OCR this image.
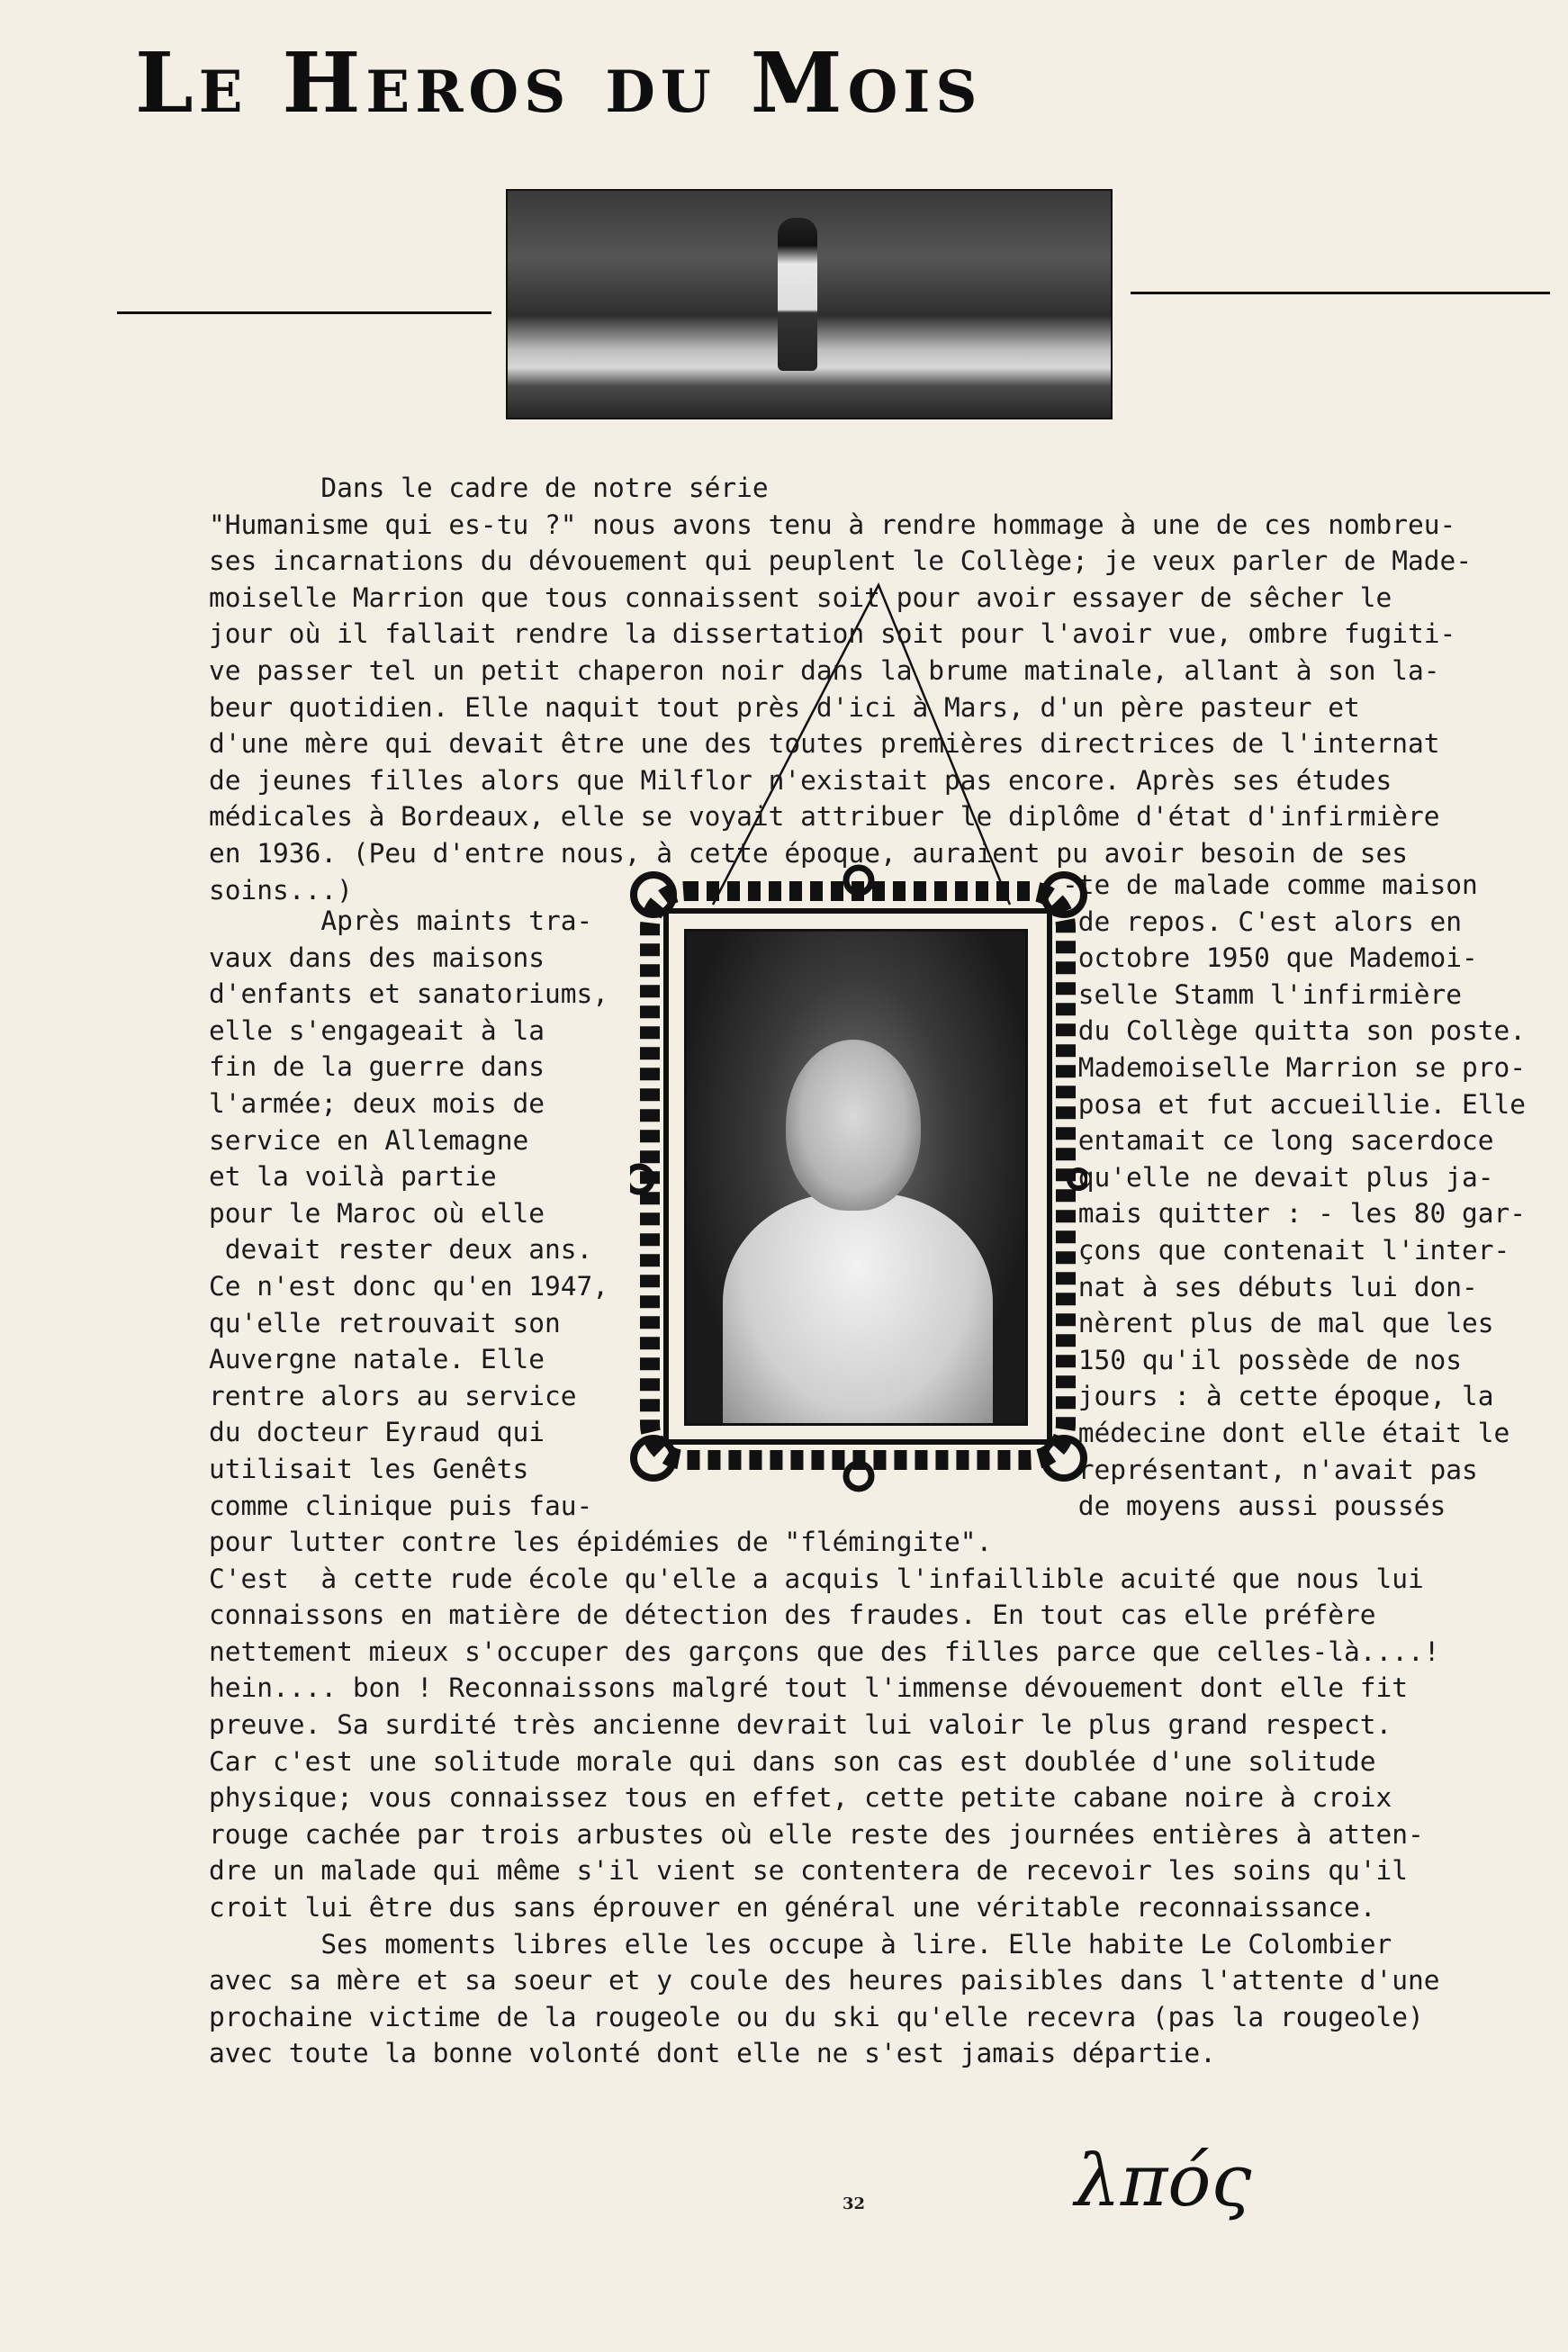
Le Heros du Mois
Dans le cadre de notre série
"Humanisme qui es-tu ?" nous avons tenu à rendre hommage à une de ces nombreu-
ses incarnations du dévouement qui peuplent le Collège; je veux parler de Made-
moiselle Marrion que tous connaissent soit pour avoir essayer de sêcher le
jour où il fallait rendre la dissertation soit pour l'avoir vue, ombre fugiti-
ve passer tel un petit chaperon noir dans la brume matinale, allant à son la-
beur quotidien. Elle naquit tout près d'ici à Mars, d'un père pasteur et
d'une mère qui devait être une des toutes premières directrices de l'internat
de jeunes filles alors que Milflor n'existait pas encore. Après ses études
médicales à Bordeaux, elle se voyait attribuer le diplôme d'état d'infirmière
en 1936. (Peu d'entre nous, à cette époque, auraient pu avoir besoin de ses
soins...)
Après maints tra-
vaux dans des maisons
d'enfants et sanatoriums,
elle s'engageait à la
fin de la guerre dans
l'armée; deux mois de
service en Allemagne
et la voilà partie
pour le Maroc où elle
devait rester deux ans.
Ce n'est donc qu'en 1947,
qu'elle retrouvait son
Auvergne natale. Elle
rentre alors au service
du docteur Eyraud qui
utilisait les Genêts
comme clinique puis fau-
-te de malade comme maison
de repos. C'est alors en
octobre 1950 que Mademoi-
selle Stamm l'infirmière
du Collège quitta son poste.
Mademoiselle Marrion se pro-
posa et fut accueillie. Elle
entamait ce long sacerdoce
qu'elle ne devait plus ja-
mais quitter : - les 80 gar-
çons que contenait l'inter-
nat à ses débuts lui don-
nèrent plus de mal que les
150 qu'il possède de nos
jours : à cette époque, la
médecine dont elle était le
représentant, n'avait pas
de moyens aussi poussés
pour lutter contre les épidémies de "flémingite".
C'est  à cette rude école qu'elle a acquis l'infaillible acuité que nous lui
connaissons en matière de détection des fraudes. En tout cas elle préfère
nettement mieux s'occuper des garçons que des filles parce que celles-là....!
hein.... bon ! Reconnaissons malgré tout l'immense dévouement dont elle fit
preuve. Sa surdité très ancienne devrait lui valoir le plus grand respect.
Car c'est une solitude morale qui dans son cas est doublée d'une solitude
physique; vous connaissez tous en effet, cette petite cabane noire à croix
rouge cachée par trois arbustes où elle reste des journées entières à atten-
dre un malade qui même s'il vient se contentera de recevoir les soins qu'il
croit lui être dus sans éprouver en général une véritable reconnaissance.
Ses moments libres elle les occupe à lire. Elle habite Le Colombier
avec sa mère et sa soeur et y coule des heures paisibles dans l'attente d'une
prochaine victime de la rougeole ou du ski qu'elle recevra (pas la rougeole)
avec toute la bonne volonté dont elle ne s'est jamais départie.
λπός
32
